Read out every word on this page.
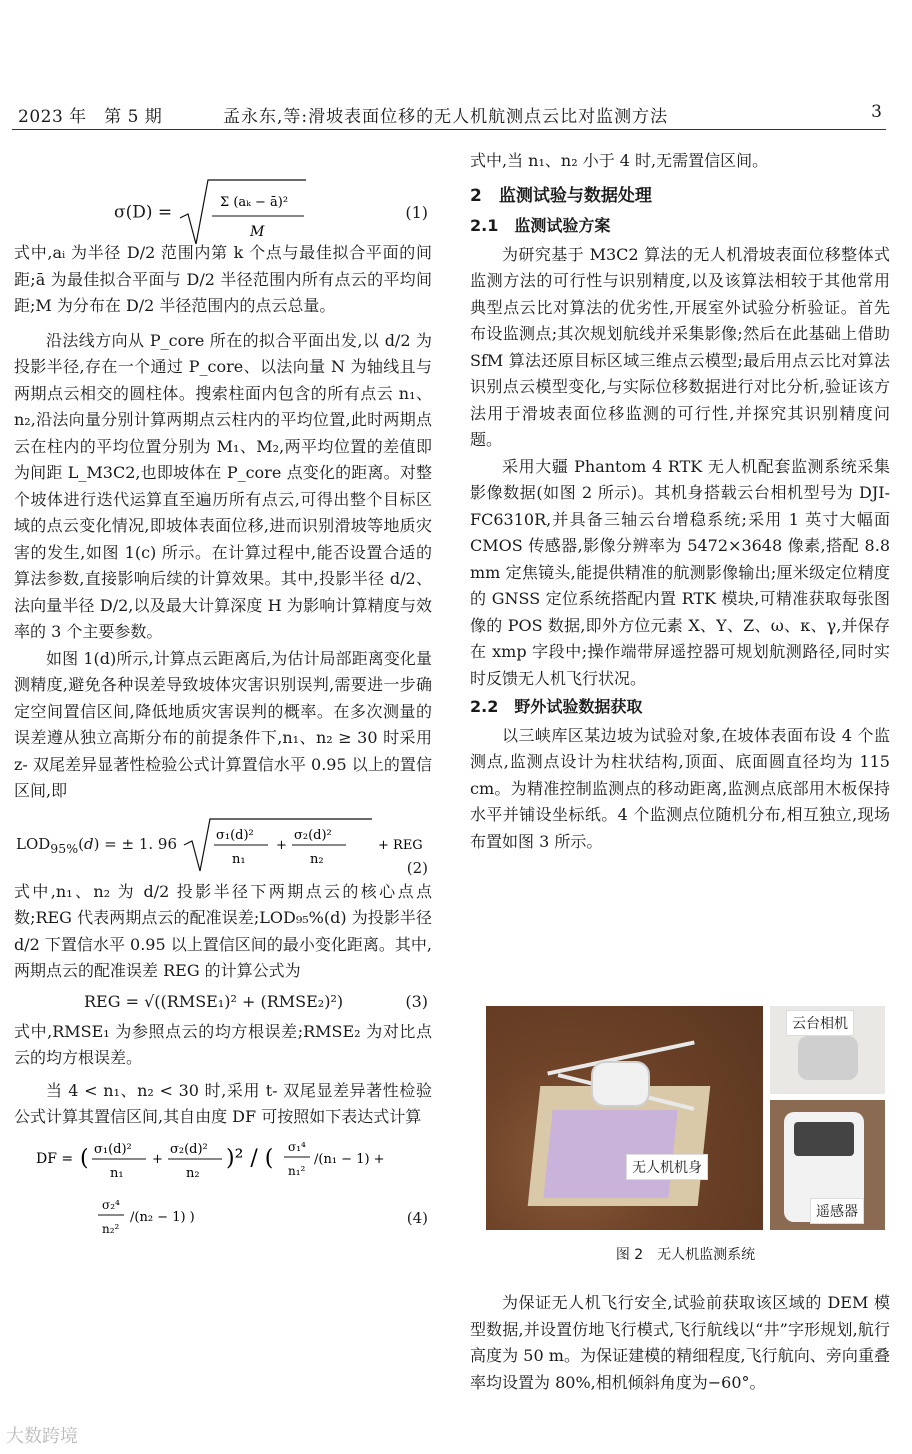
2023 年　第 5 期	孟永东,等:滑坡表面位移的无人机航测点云比对监测方法	3
σ(D) =	Σ (aₖ − ā)²
M
(1)

式中,aᵢ 为半径 D/2 范围内第 k 个点与最佳拟合平面的间距;ā 为最佳拟合平面与 D/2 半径范围内所有点云的平均间距;M 为分布在 D/2 半径范围内的点云总量。

沿法线方向从 P_core 所在的拟合平面出发,以 d/2 为投影半径,存在一个通过 P_core、以法向量 N 为轴线且与两期点云相交的圆柱体。搜索柱面内包含的所有点云 n₁、n₂,沿法向量分别计算两期点云柱内的平均位置,此时两期点云在柱内的平均位置分别为 M₁、M₂,两平均位置的差值即为间距 L_M3C2,也即坡体在 P_core 点变化的距离。对整个坡体进行迭代运算直至遍历所有点云,可得出整个目标区域的点云变化情况,即坡体表面位移,进而识别滑坡等地质灾害的发生,如图 1(c) 所示。在计算过程中,能否设置合适的算法参数,直接影响后续的计算效果。其中,投影半径 d/2、法向量半径 D/2,以及最大计算深度 H 为影响计算精度与效率的 3 个主要参数。

如图 1(d)所示,计算点云距离后,为估计局部距离变化量测精度,避免各种误差导致坡体灾害识别误判,需要进一步确定空间置信区间,降低地质灾害误判的概率。在多次测量的误差遵从独立高斯分布的前提条件下,n₁、n₂ ≥ 30 时采用 z- 双尾差异显著性检验公式计算置信水平 0.95 以上的置信区间,即

$LOD_{95\%}(d)$ = ± 1. 96	σ₁(d)²
n₁
+
σ₂(d)²
n₂
+ REG
(2)

式中,n₁、n₂ 为 d/2 投影半径下两期点云的核心点点数;REG 代表两期点云的配准误差;LOD₉₅%(d) 为投影半径 d/2 下置信水平 0.95 以上置信区间的最小变化距离。其中,两期点云的配准误差 REG 的计算公式为

REG = √((RMSE₁)² + (RMSE₂)²)	(3)

式中,RMSE₁ 为参照点云的均方根误差;RMSE₂ 为对比点云的均方根误差。

当 4 < n₁、n₂ < 30 时,采用 t- 双尾显差异著性检验公式计算其置信区间,其自由度 DF 可按照如下表达式计算

DF = ( σ₁(d)²
n₁
+
σ₂(d)²
n₂
)² / ( σ₁⁴
n₁²
/(n₁ − 1) +
σ₂⁴
n₂²
/(n₂ − 1) )	(4)

式中,当 n₁、n₂ 小于 4 时,无需置信区间。

2　监测试验与数据处理
2.1　监测试验方案

为研究基于 M3C2 算法的无人机滑坡表面位移整体式监测方法的可行性与识别精度,以及该算法相较于其他常用典型点云比对算法的优劣性,开展室外试验分析验证。首先布设监测点;其次规划航线并采集影像;然后在此基础上借助 SfM 算法还原目标区域三维点云模型;最后用点云比对算法识别点云模型变化,与实际位移数据进行对比分析,验证该方法用于滑坡表面位移监测的可行性,并探究其识别精度问题。

采用大疆 Phantom 4 RTK 无人机配套监测系统采集影像数据(如图 2 所示)。其机身搭载云台相机型号为 DJI-FC6310R,并具备三轴云台增稳系统;采用 1 英寸大幅面 CMOS 传感器,影像分辨率为 5472×3648 像素,搭配 8.8 mm 定焦镜头,能提供精准的航测影像输出;厘米级定位精度的 GNSS 定位系统搭配内置 RTK 模块,可精准获取每张图像的 POS 数据,即外方位元素 X、Y、Z、ω、κ、γ,并保存在 xmp 字段中;操作端带屏遥控器可规划航测路径,同时实时反馈无人机飞行状况。

2.2　野外试验数据获取

以三峡库区某边坡为试验对象,在坡体表面布设 4 个监测点,监测点设计为柱状结构,顶面、底面圆直径均为 115 cm。为精准控制监测点的移动距离,监测点底部用木板保持水平并铺设坐标纸。4 个监测点位随机分布,相互独立,现场布置如图 3 所示。

无人机机身
云台相机
遥感器
图 2　无人机监测系统

为保证无人机飞行安全,试验前获取该区域的 DEM 模型数据,并设置仿地飞行模式,飞行航线以“井”字形规划,航行高度为 50 m。为保证建模的精细程度,飞行航向、旁向重叠率均设置为 80%,相机倾斜角度为−60°。

大数跨境
